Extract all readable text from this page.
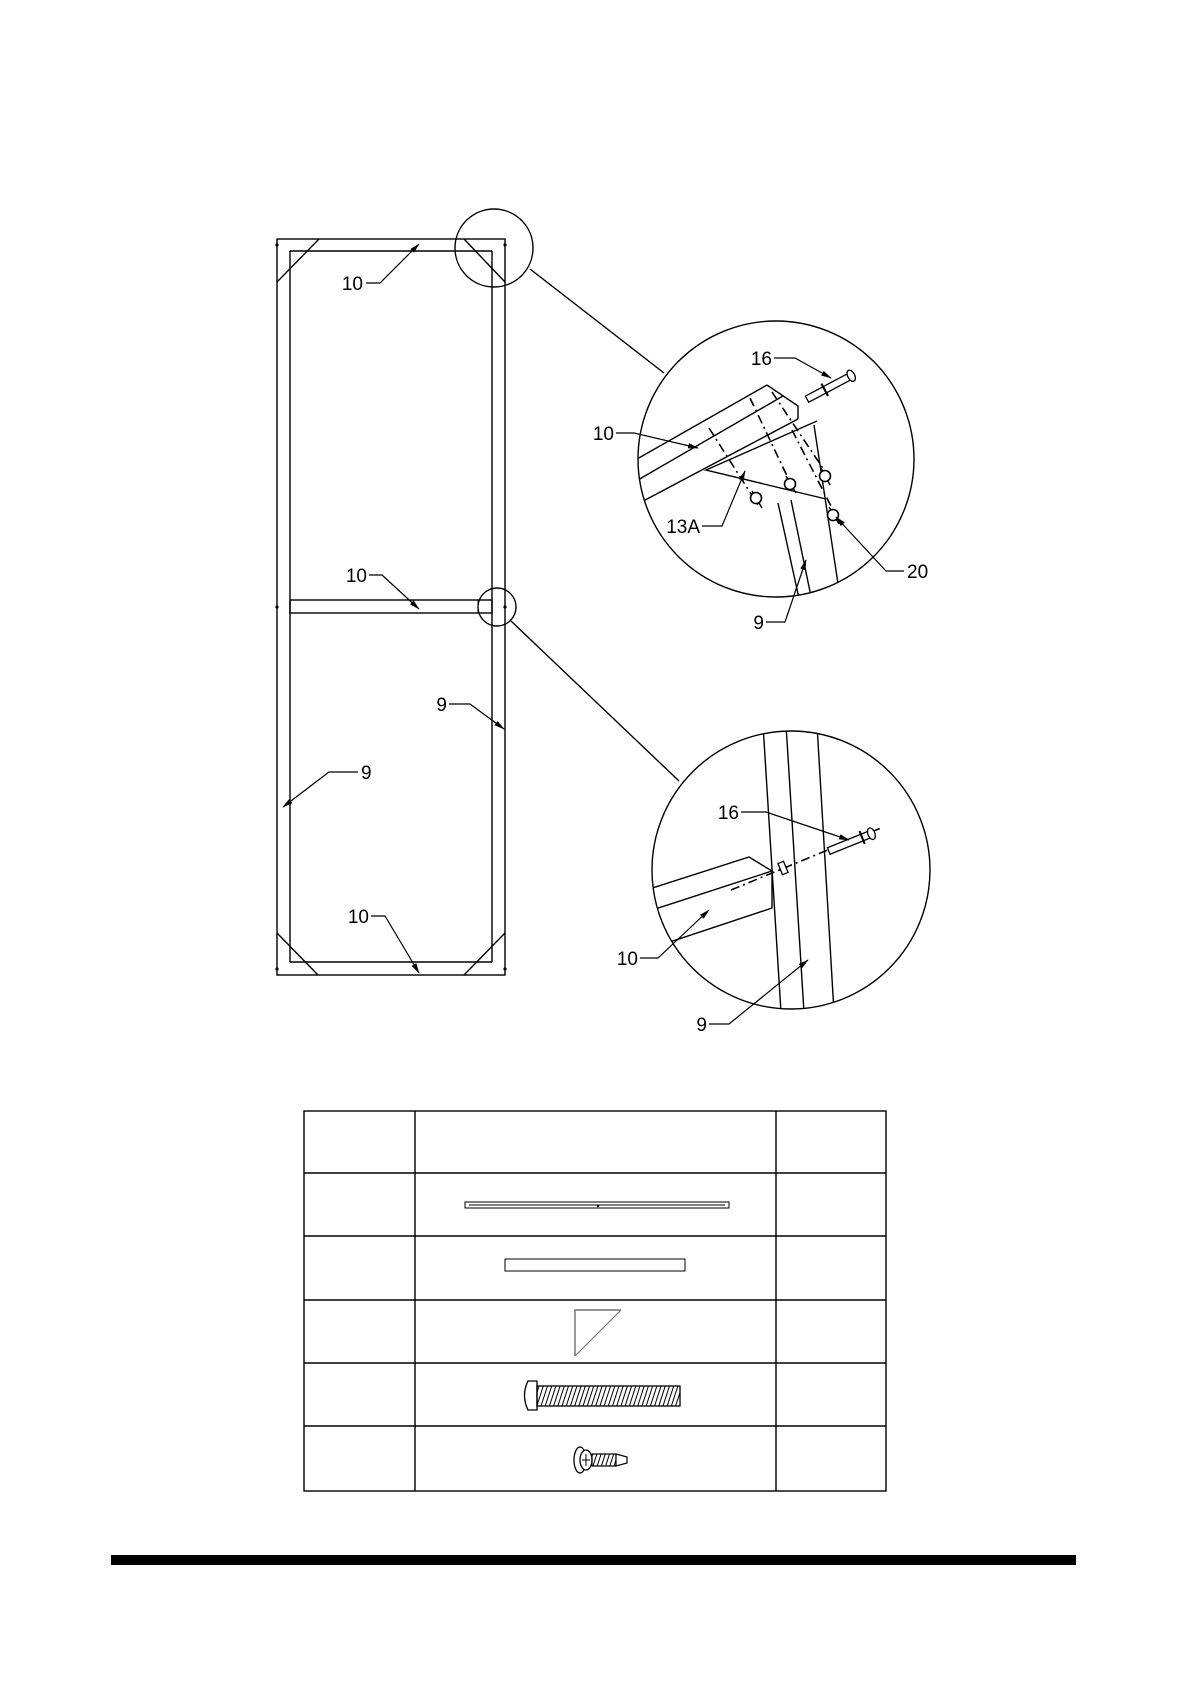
10
10
9
9
10
16
10
13A
20
9
16
10
9
